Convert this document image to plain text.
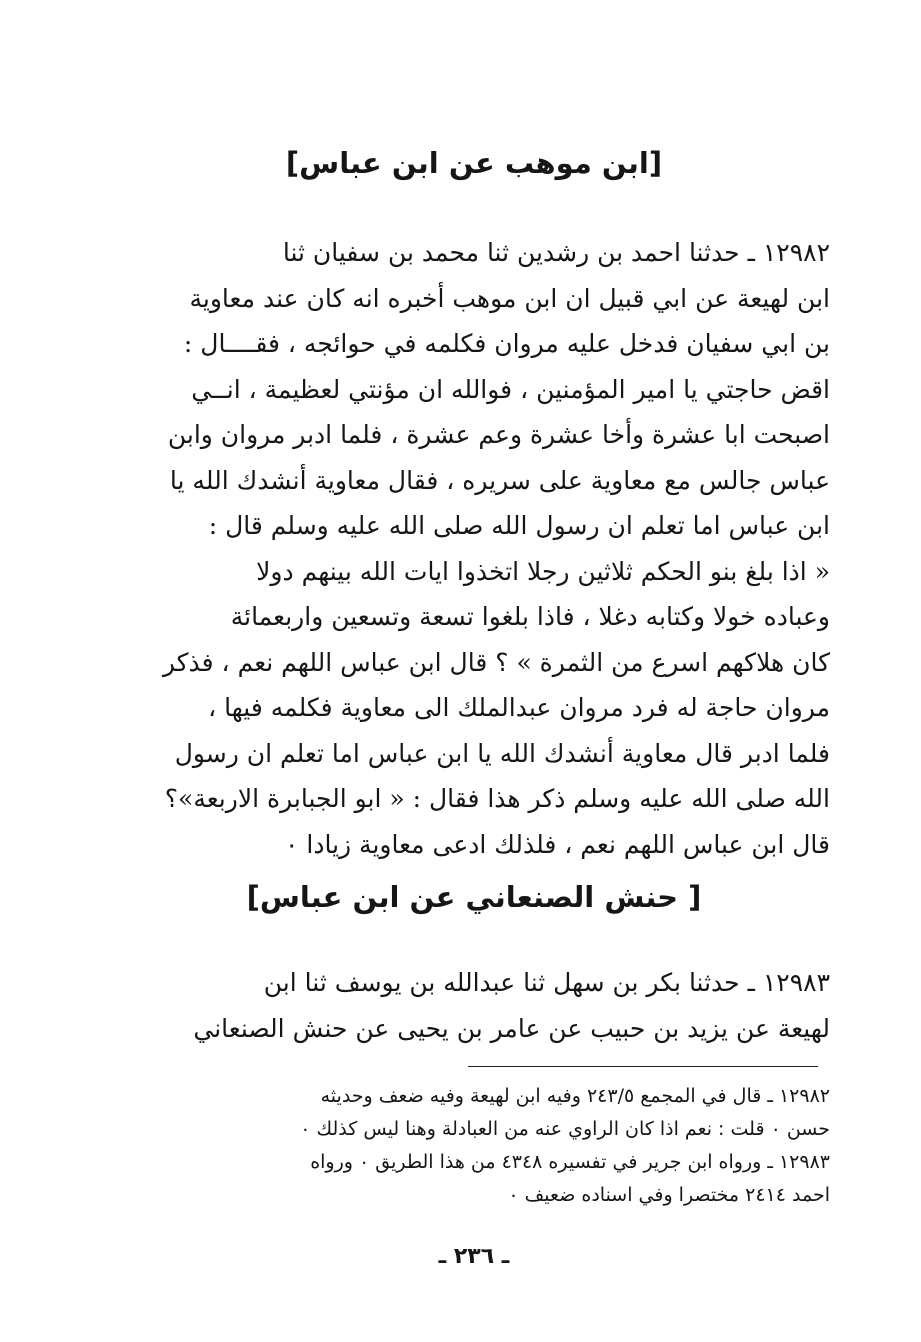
[ابن موهب عن ابن عباس]
١٢٩٨٢ ـ حدثنا احمد بن رشدين ثنا محمد بن سفيان ثنا
ابن لهيعة عن ابي قبيل ان ابن موهب أخبره انه كان عند معاوية
بن ابي سفيان فدخل عليه مروان فكلمه في حوائجه ، فقــــال :
اقض حاجتي يا امير المؤمنين ، فوالله ان مؤنتي لعظيمة ، انــي
اصبحت ابا عشرة وأخا عشرة وعم عشرة ، فلما ادبر مروان وابن
عباس جالس مع معاوية على سريره ، فقال معاوية أنشدك الله يا
ابن عباس اما تعلم ان رسول الله صلى الله عليه وسلم قال :
« اذا بلغ بنو الحكم ثلاثين رجلا اتخذوا ايات الله بينهم دولا
وعباده خولا وكتابه دغلا ، فاذا بلغوا تسعة وتسعين واربعمائة
كان هلاكهم اسرع من الثمرة » ؟ قال ابن عباس اللهم نعم ، فذكر
مروان حاجة له فرد مروان عبدالملك الى معاوية فكلمه فيها ،
فلما ادبر قال معاوية أنشدك الله يا ابن عباس اما تعلم ان رسول
الله صلى الله عليه وسلم ذكر هذا فقال : « ابو الجبابرة الاربعة»؟
قال ابن عباس اللهم نعم ، فلذلك ادعى معاوية زيادا ٠
[ حنش الصنعاني عن ابن عباس]
١٢٩٨٣ ـ حدثنا بكر بن سهل ثنا عبدالله بن يوسف ثنا ابن
لهيعة عن يزيد بن حبيب عن عامر بن يحيى عن حنش الصنعاني
١٢٩٨٢ ـ قال في المجمع ٢٤٣/٥ وفيه ابن لهيعة وفيه ضعف وحديثه
حسن ٠ قلت : نعم اذا كان الراوي عنه من العبادلة وهنا ليس كذلك ٠
١٢٩٨٣ ـ ورواه ابن جرير في تفسيره ٤٣٤٨ من هذا الطريق ٠ ورواه
احمد ٢٤١٤ مختصرا وفي اسناده ضعيف ٠
ـ ٢٣٦ ـ
